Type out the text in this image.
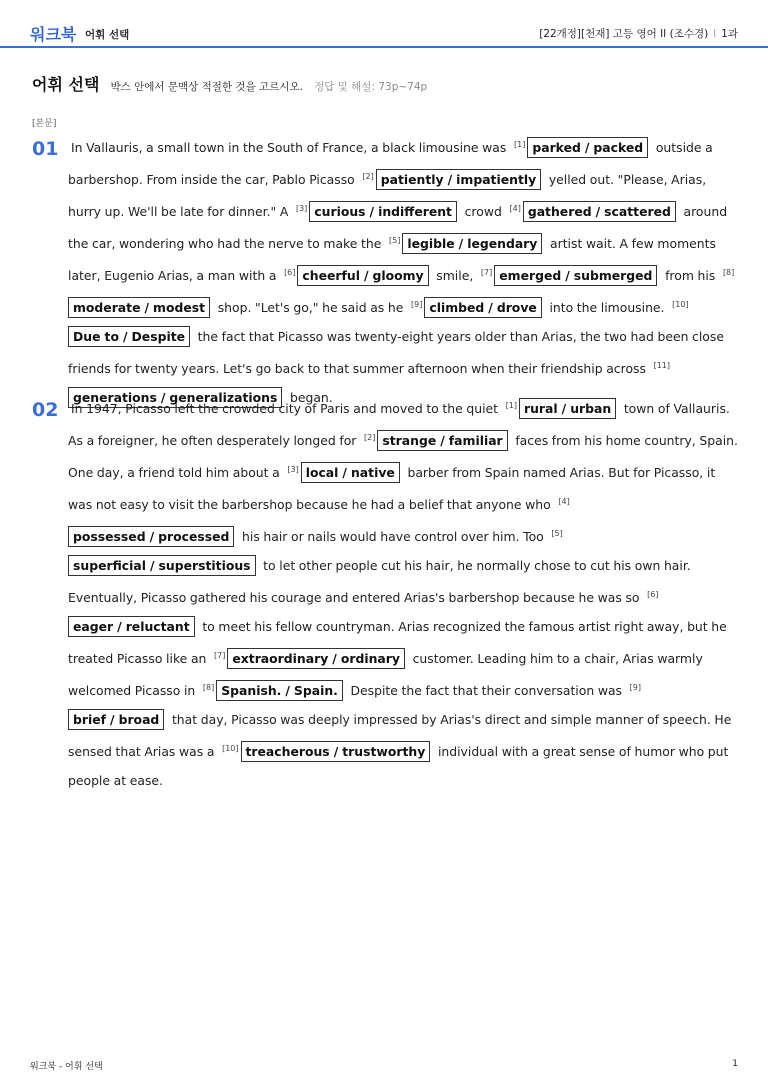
워크북 어휘 선택	[22개정][천재] 고등 영어 II (조수경) l 1과
어휘 선택 박스 안에서 문맥상 적절한 것을 고르시오. 정답 및 해설: 73p~74p
[본문]
01 In Vallauris, a small town in the South of France, a black limousine was [1] parked / packed outside a barbershop. From inside the car, Pablo Picasso [2] patiently / impatiently yelled out. "Please, Arias, hurry up. We'll be late for dinner." A [3] curious / indifferent crowd [4] gathered / scattered around the car, wondering who had the nerve to make the [5] legible / legendary artist wait. A few moments later, Eugenio Arias, a man with a [6] cheerful / gloomy smile, [7] emerged / submerged from his [8]moderate / modest shop. "Let's go," he said as he [9] climbed / drove into the limousine. [10]Due to / Despite the fact that Picasso was twenty-eight years older than Arias, the two had been close friends for twenty years. Let's go back to that summer afternoon when their friendship across [11]generations / generalizations began.
02 In 1947, Picasso left the crowded city of Paris and moved to the quiet [1] rural / urban town of Vallauris. As a foreigner, he often desperately longed for [2] strange / familiar faces from his home country, Spain. One day, a friend told him about a [3] local / native barber from Spain named Arias. But for Picasso, it was not easy to visit the barbershop because he had a belief that anyone who [4]possessed / processed his hair or nails would have control over him. Too [5]superficial / superstitious to let other people cut his hair, he normally chose to cut his own hair. Eventually, Picasso gathered his courage and entered Arias's barbershop because he was so [6]eager / reluctant to meet his fellow countryman. Arias recognized the famous artist right away, but he treated Picasso like an [7] extraordinary / ordinary customer. Leading him to a chair, Arias warmly welcomed Picasso in [8] Spanish. / Spain. Despite the fact that their conversation was [9]brief / broad that day, Picasso was deeply impressed by Arias's direct and simple manner of speech. He sensed that Arias was a [10] treacherous / trustworthy individual with a great sense of humor who put people at ease.
워크북 - 어휘 선택	1
